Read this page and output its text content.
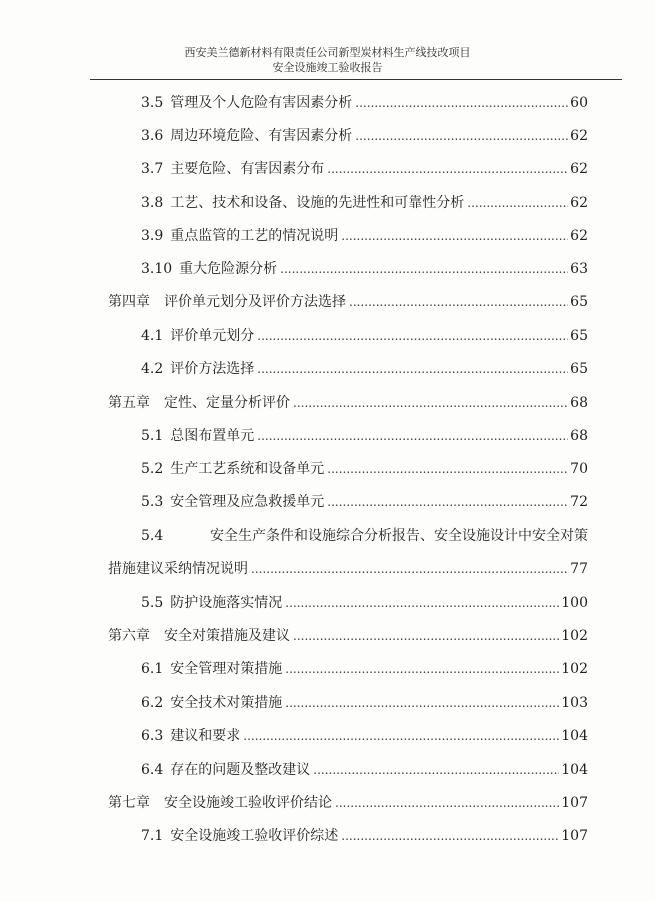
西安美兰德新材料有限责任公司新型炭材料生产线技改项目
安全设施竣工验收报告
3.5 管理及个人危险有害因素分析 .....	60
3.6 周边环境危险、有害因素分析 .....	62
3.7 主要危险、有害因素分布 .....	62
3.8 工艺、技术和设备、设施的先进性和可靠性分析 .....	62
3.9 重点监管的工艺的情况说明 .....	62
3.10 重大危险源分析 .....	63
第四章 评价单元划分及评价方法选择 .....	65
4.1 评价单元划分 .....	65
4.2 评价方法选择 .....	65
第五章 定性、定量分析评价 .....	68
5.1 总图布置单元 .....	68
5.2 生产工艺系统和设备单元 .....	70
5.3 安全管理及应急救援单元 .....	72
5.4	安全生产条件和设施综合分析报告、安全设施设计中安全对策
措施建议采纳情况说明 .....	77
5.5 防护设施落实情况 .....	100
第六章 安全对策措施及建议 .....	102
6.1 安全管理对策措施 .....	102
6.2 安全技术对策措施 .....	103
6.3 建议和要求 .....	104
6.4 存在的问题及整改建议 .....	104
第七章 安全设施竣工验收评价结论 .....	107
7.1 安全设施竣工验收评价综述 .....	107
